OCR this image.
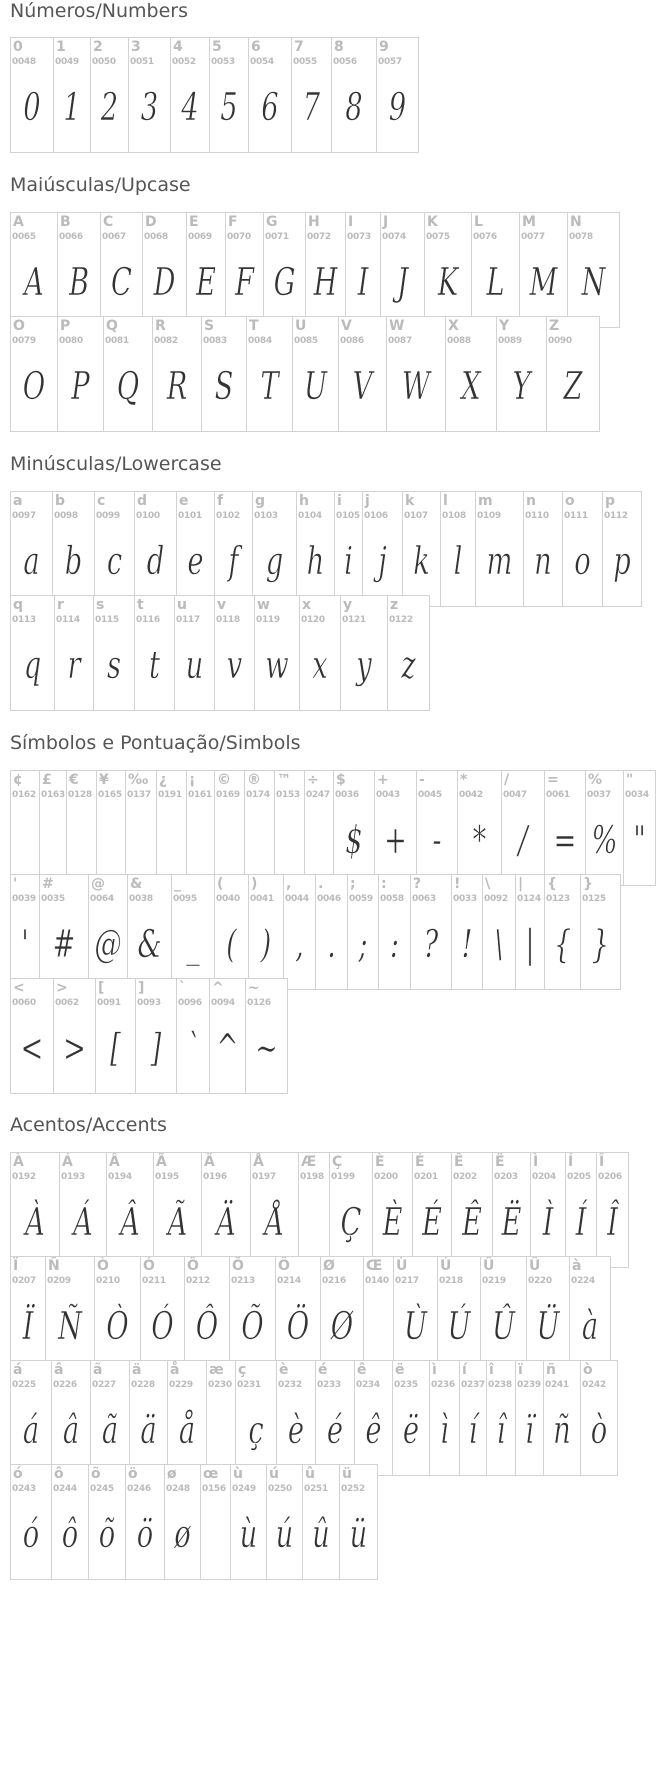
Números/Numbers
0
0048
0
1
0049
1
2
0050
2
3
0051
3
4
0052
4
5
0053
5
6
0054
6
7
0055
7
8
0056
8
9
0057
9
Maiúsculas/Upcase
A
0065
A
B
0066
B
C
0067
C
D
0068
D
E
0069
E
F
0070
F
G
0071
G
H
0072
H
I
0073
I
J
0074
J
K
0075
K
L
0076
L
M
0077
M
N
0078
N
O
0079
O
P
0080
P
Q
0081
Q
R
0082
R
S
0083
S
T
0084
T
U
0085
U
V
0086
V
W
0087
W
X
0088
X
Y
0089
Y
Z
0090
Z
Minúsculas/Lowercase
a
0097
a
b
0098
b
c
0099
c
d
0100
d
e
0101
e
f
0102
f
g
0103
g
h
0104
h
i
0105
i
j
0106
j
k
0107
k
l
0108
l
m
0109
m
n
0110
n
o
0111
o
p
0112
p
q
0113
q
r
0114
r
s
0115
s
t
0116
t
u
0117
u
v
0118
v
w
0119
w
x
0120
x
y
0121
y
z
0122
z
Símbolos e Pontuação/Simbols
¢
0162
£
0163
€
0128
¥
0165
‰
0137
¿
0191
¡
0161
©
0169
®
0174
™
0153
÷
0247
$
0036
$
+
0043
+
-
0045
-
*
0042
*
/
0047
/
=
0061
=
%
0037
%
"
0034
"
'
0039
'
#
0035
#
@
0064
@
&
0038
&
_
0095
_
(
0040
(
)
0041
)
,
0044
,
.
0046
.
;
0059
;
:
0058
:
?
0063
?
!
0033
!
\
0092
\
|
0124
|
{
0123
{
}
0125
}
<
0060
<
>
0062
>
[
0091
[
]
0093
]
`
0096
`
^
0094
^
~
0126
~
Acentos/Accents
À
0192
À
Á
0193
Á
Â
0194
Â
Ã
0195
Ã
Ä
0196
Ä
Å
0197
Å
Æ
0198
Ç
0199
Ç
È
0200
È
É
0201
É
Ê
0202
Ê
Ë
0203
Ë
Ì
0204
Ì
Í
0205
Í
Î
0206
Î
Ï
0207
Ï
Ñ
0209
Ñ
Ò
0210
Ò
Ó
0211
Ó
Ô
0212
Ô
Õ
0213
Õ
Ö
0214
Ö
Ø
0216
Ø
Œ
0140
Ù
0217
Ù
Ú
0218
Ú
Û
0219
Û
Ü
0220
Ü
à
0224
à
á
0225
á
â
0226
â
ã
0227
ã
ä
0228
ä
å
0229
å
æ
0230
ç
0231
ç
è
0232
è
é
0233
é
ê
0234
ê
ë
0235
ë
ì
0236
ì
í
0237
í
î
0238
î
ï
0239
ï
ñ
0241
ñ
ò
0242
ò
ó
0243
ó
ô
0244
ô
õ
0245
õ
ö
0246
ö
ø
0248
ø
œ
0156
ù
0249
ù
ú
0250
ú
û
0251
û
ü
0252
ü
